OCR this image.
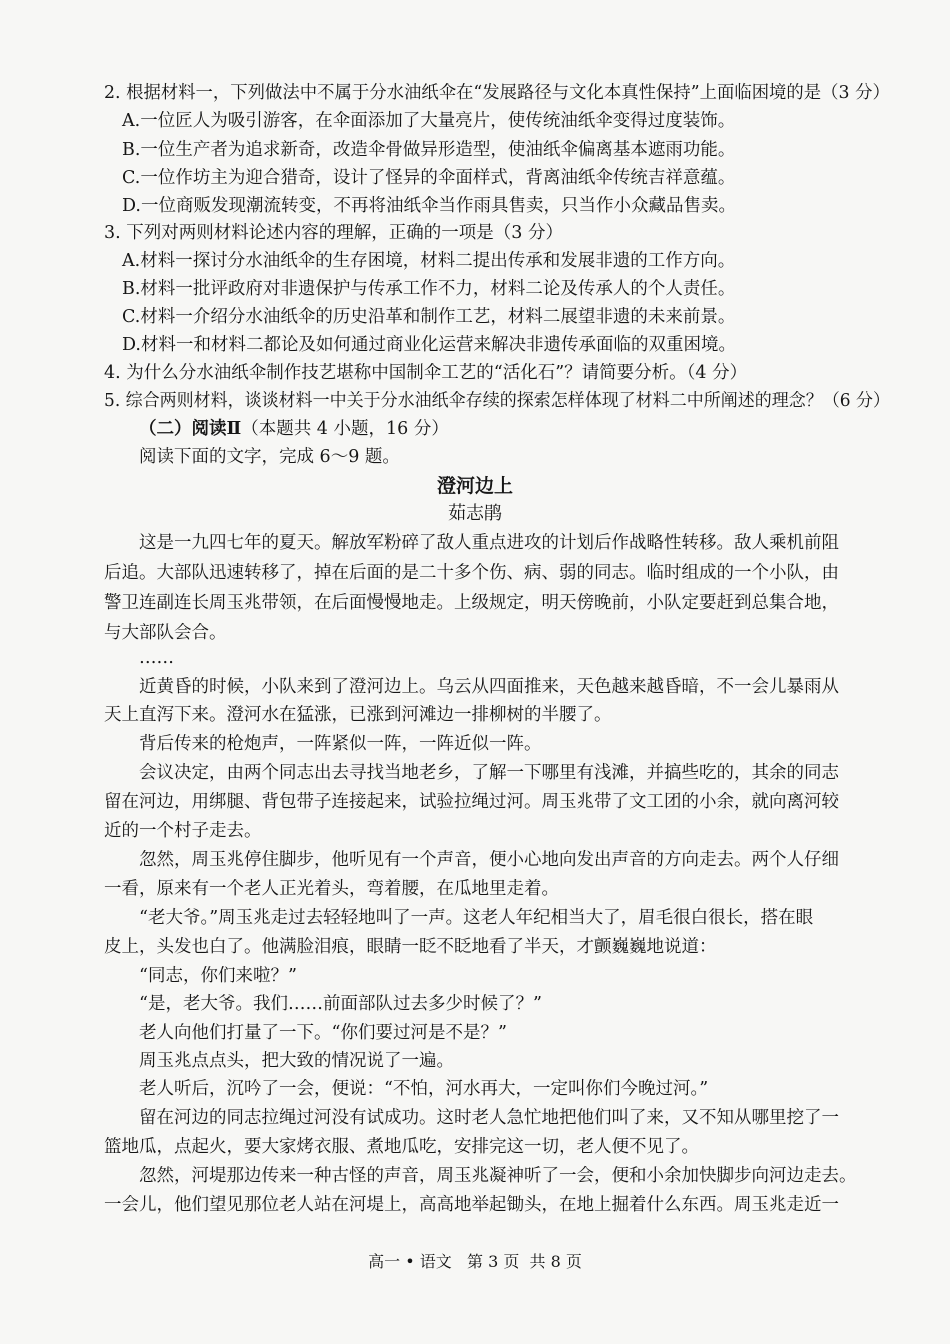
2. 根据材料一，下列做法中不属于分水油纸伞在“发展路径与文化本真性保持”上面临困境的是（3 分）
A.一位匠人为吸引游客，在伞面添加了大量亮片，使传统油纸伞变得过度装饰。
B.一位生产者为追求新奇，改造伞骨做异形造型，使油纸伞偏离基本遮雨功能。
C.一位作坊主为迎合猎奇，设计了怪异的伞面样式，背离油纸伞传统吉祥意蕴。
D.一位商贩发现潮流转变，不再将油纸伞当作雨具售卖，只当作小众藏品售卖。
3. 下列对两则材料论述内容的理解，正确的一项是（3 分）
A.材料一探讨分水油纸伞的生存困境，材料二提出传承和发展非遗的工作方向。
B.材料一批评政府对非遗保护与传承工作不力，材料二论及传承人的个人责任。
C.材料一介绍分水油纸伞的历史沿革和制作工艺，材料二展望非遗的未来前景。
D.材料一和材料二都论及如何通过商业化运营来解决非遗传承面临的双重困境。
4. 为什么分水油纸伞制作技艺堪称中国制伞工艺的“活化石”？请简要分析。（4 分）
5. 综合两则材料，谈谈材料一中关于分水油纸伞存续的探索怎样体现了材料二中所阐述的理念？（6 分）
（二）阅读Ⅱ（本题共 4 小题，16 分）
阅读下面的文字，完成 6～9 题。
澄河边上
茹志鹃
这是一九四七年的夏天。解放军粉碎了敌人重点进攻的计划后作战略性转移。敌人乘机前阻
后追。大部队迅速转移了，掉在后面的是二十多个伤、病、弱的同志。临时组成的一个小队，由
警卫连副连长周玉兆带领，在后面慢慢地走。上级规定，明天傍晚前，小队定要赶到总集合地，
与大部队会合。
……
近黄昏的时候，小队来到了澄河边上。乌云从四面推来，天色越来越昏暗，不一会儿暴雨从
天上直泻下来。澄河水在猛涨，已涨到河滩边一排柳树的半腰了。
背后传来的枪炮声，一阵紧似一阵，一阵近似一阵。
会议决定，由两个同志出去寻找当地老乡，了解一下哪里有浅滩，并搞些吃的，其余的同志
留在河边，用绑腿、背包带子连接起来，试验拉绳过河。周玉兆带了文工团的小余，就向离河较
近的一个村子走去。
忽然，周玉兆停住脚步，他听见有一个声音，便小心地向发出声音的方向走去。两个人仔细
一看，原来有一个老人正光着头，弯着腰，在瓜地里走着。
“老大爷。”周玉兆走过去轻轻地叫了一声。这老人年纪相当大了，眉毛很白很长，搭在眼
皮上，头发也白了。他满脸泪痕，眼睛一眨不眨地看了半天，才颤巍巍地说道：
“同志，你们来啦？”
“是，老大爷。我们……前面部队过去多少时候了？”
老人向他们打量了一下。“你们要过河是不是？”
周玉兆点点头，把大致的情况说了一遍。
老人听后，沉吟了一会，便说：“不怕，河水再大，一定叫你们今晚过河。”
留在河边的同志拉绳过河没有试成功。这时老人急忙地把他们叫了来，又不知从哪里挖了一
篮地瓜，点起火，要大家烤衣服、煮地瓜吃，安排完这一切，老人便不见了。
忽然，河堤那边传来一种古怪的声音，周玉兆凝神听了一会，便和小余加快脚步向河边走去。
一会儿，他们望见那位老人站在河堤上，高高地举起锄头，在地上掘着什么东西。周玉兆走近一
高一 • 语文   第 3 页  共 8 页
